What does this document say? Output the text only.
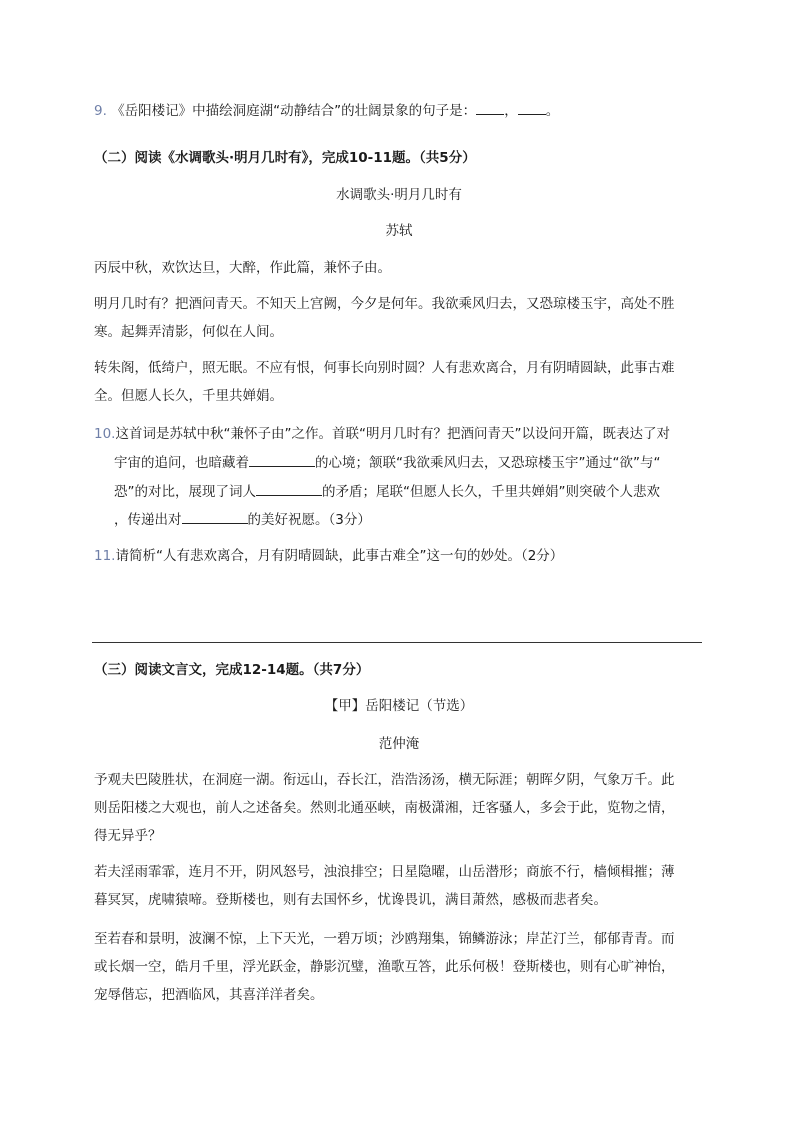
9. 《岳阳楼记》中描绘洞庭湖“动静结合”的壮阔景象的句子是： ， 。
（二）阅读《水调歌头·明月几时有》，完成10-11题。（共5分）
水调歌头·明月几时有
苏轼
丙辰中秋，欢饮达旦，大醉，作此篇，兼怀子由。
明月几时有？把酒问青天。不知天上宫阙，今夕是何年。我欲乘风归去，又恐琼楼玉宇，高处不胜
寒。起舞弄清影，何似在人间。
转朱阁，低绮户，照无眠。不应有恨，何事长向别时圆？人有悲欢离合，月有阴晴圆缺，此事古难
全。但愿人长久，千里共婵娟。
10.这首词是苏轼中秋“兼怀子由”之作。首联“明月几时有？把酒问青天”以设问开篇，既表达了对
宇宙的追问，也暗藏着	的心境；颔联“我欲乘风归去，又恐琼楼玉宇”通过“欲”与“
恐”的对比，展现了词人	的矛盾；尾联“但愿人长久，千里共婵娟”则突破个人悲欢
，传递出对	的美好祝愿。（3分）
11.请简析“人有悲欢离合，月有阴晴圆缺，此事古难全”这一句的妙处。（2分）
（三）阅读文言文，完成12-14题。（共7分）
【甲】岳阳楼记（节选）
范仲淹
予观夫巴陵胜状，在洞庭一湖。衔远山，吞长江，浩浩汤汤，横无际涯；朝晖夕阴，气象万千。此
则岳阳楼之大观也，前人之述备矣。然则北通巫峡，南极潇湘，迁客骚人，多会于此，览物之情，
得无异乎？
若夫淫雨霏霏，连月不开，阴风怒号，浊浪排空；日星隐曜，山岳潜形；商旅不行，樯倾楫摧；薄
暮冥冥，虎啸猿啼。登斯楼也，则有去国怀乡，忧谗畏讥，满目萧然，感极而悲者矣。
至若春和景明，波澜不惊，上下天光，一碧万顷；沙鸥翔集，锦鳞游泳；岸芷汀兰，郁郁青青。而
或长烟一空，皓月千里，浮光跃金，静影沉璧，渔歌互答，此乐何极！登斯楼也，则有心旷神怡，
宠辱偕忘，把酒临风，其喜洋洋者矣。
